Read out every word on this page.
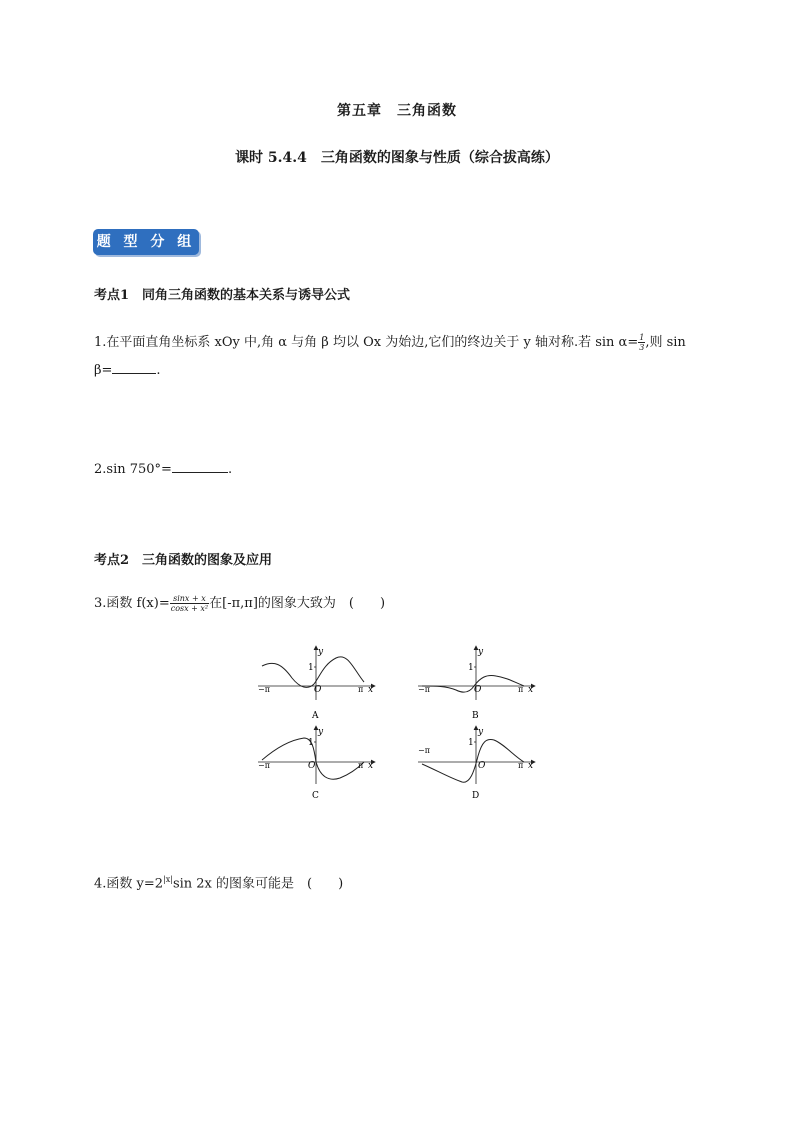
第五章　三角函数
课时 5.4.4　三角函数的图象与性质（综合拔高练）
题 型 分 组
考点1　同角三角函数的基本关系与诱导公式
1.在平面直角坐标系 xOy 中,角 α 与角 β 均以 Ox 为始边,它们的终边关于 y 轴对称.若 $\sin \alpha= \frac{1}{3}$ ,则 sin
β=	.
2.sin 750°=	.
考点2　三角函数的图象及应用
3.函数 $f(x)= \frac{\sin x + x}{\text{cosx + x²}}$ 在[-π,π]的图象大致为　(　　)
1
y
x
O
−π	π
A
1
y
x
O
−π	π
B
1
y
x
O
−π	π
C
1
y
x
O
−π
π
D
4.函数 $y=2^{|x|}\sin$ 2x 的图象可能是　(　　)
